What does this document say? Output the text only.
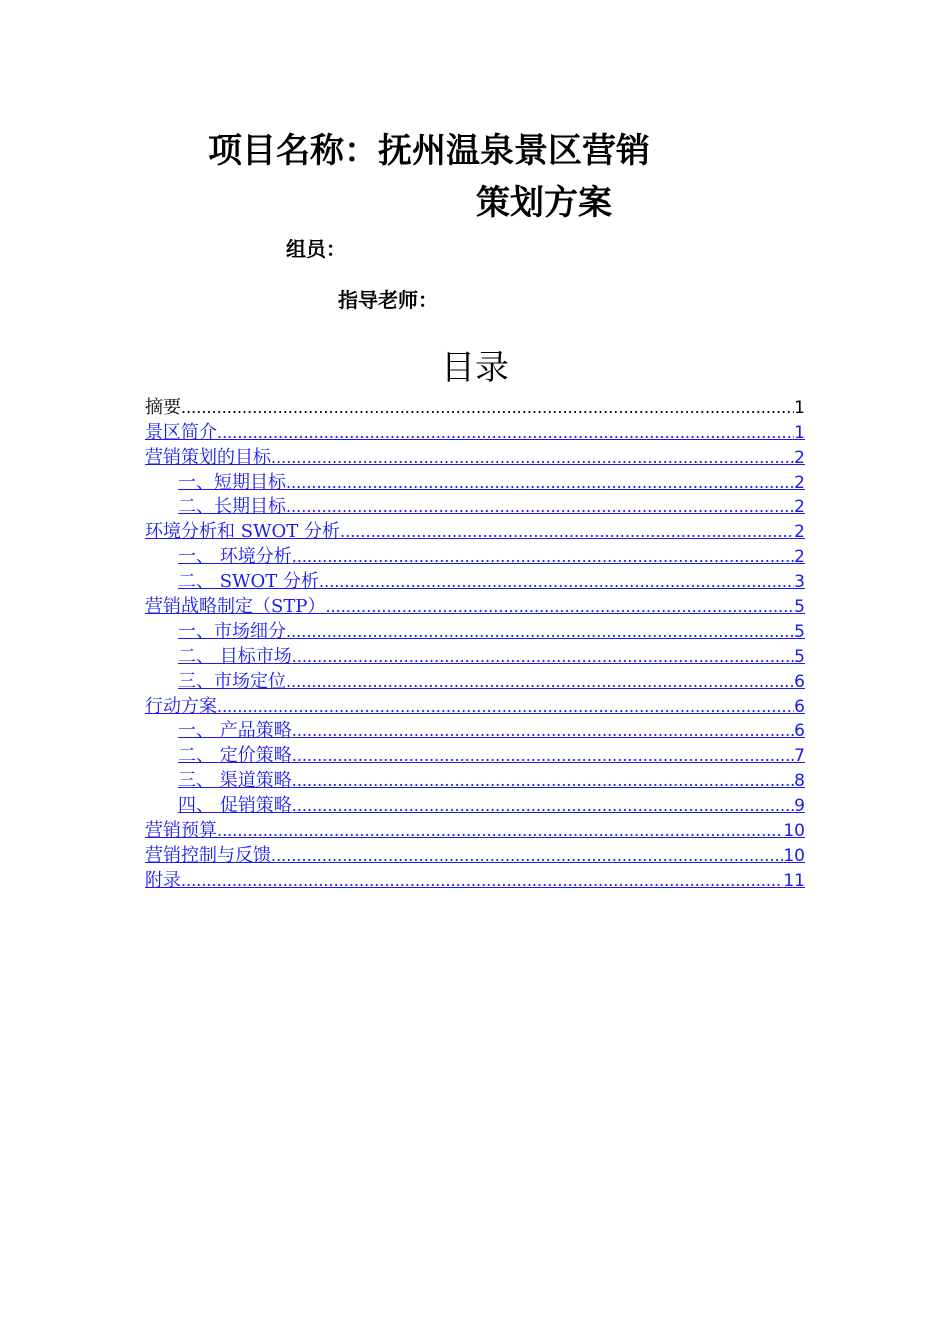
项目名称：抚州温泉景区营销
策划方案
组员：
指导老师：
目录
摘要 .....	1
景区简介 .....	1
营销策划的目标 .....	2
一、短期目标 .....	2
二、长期目标 .....	2
环境分析和 SWOT 分析 .....	2
一、 环境分析 .....	2
二、 SWOT 分析 .....	3
营销战略制定（STP） .....	5
一、市场细分 .....	5
二、 目标市场 .....	5
三、市场定位 .....	6
行动方案 .....	6
一、 产品策略 .....	6
二、 定价策略 .....	7
三、 渠道策略 .....	8
四、 促销策略 .....	9
营销预算 .....	10
营销控制与反馈 .....	10
附录 .....	11
